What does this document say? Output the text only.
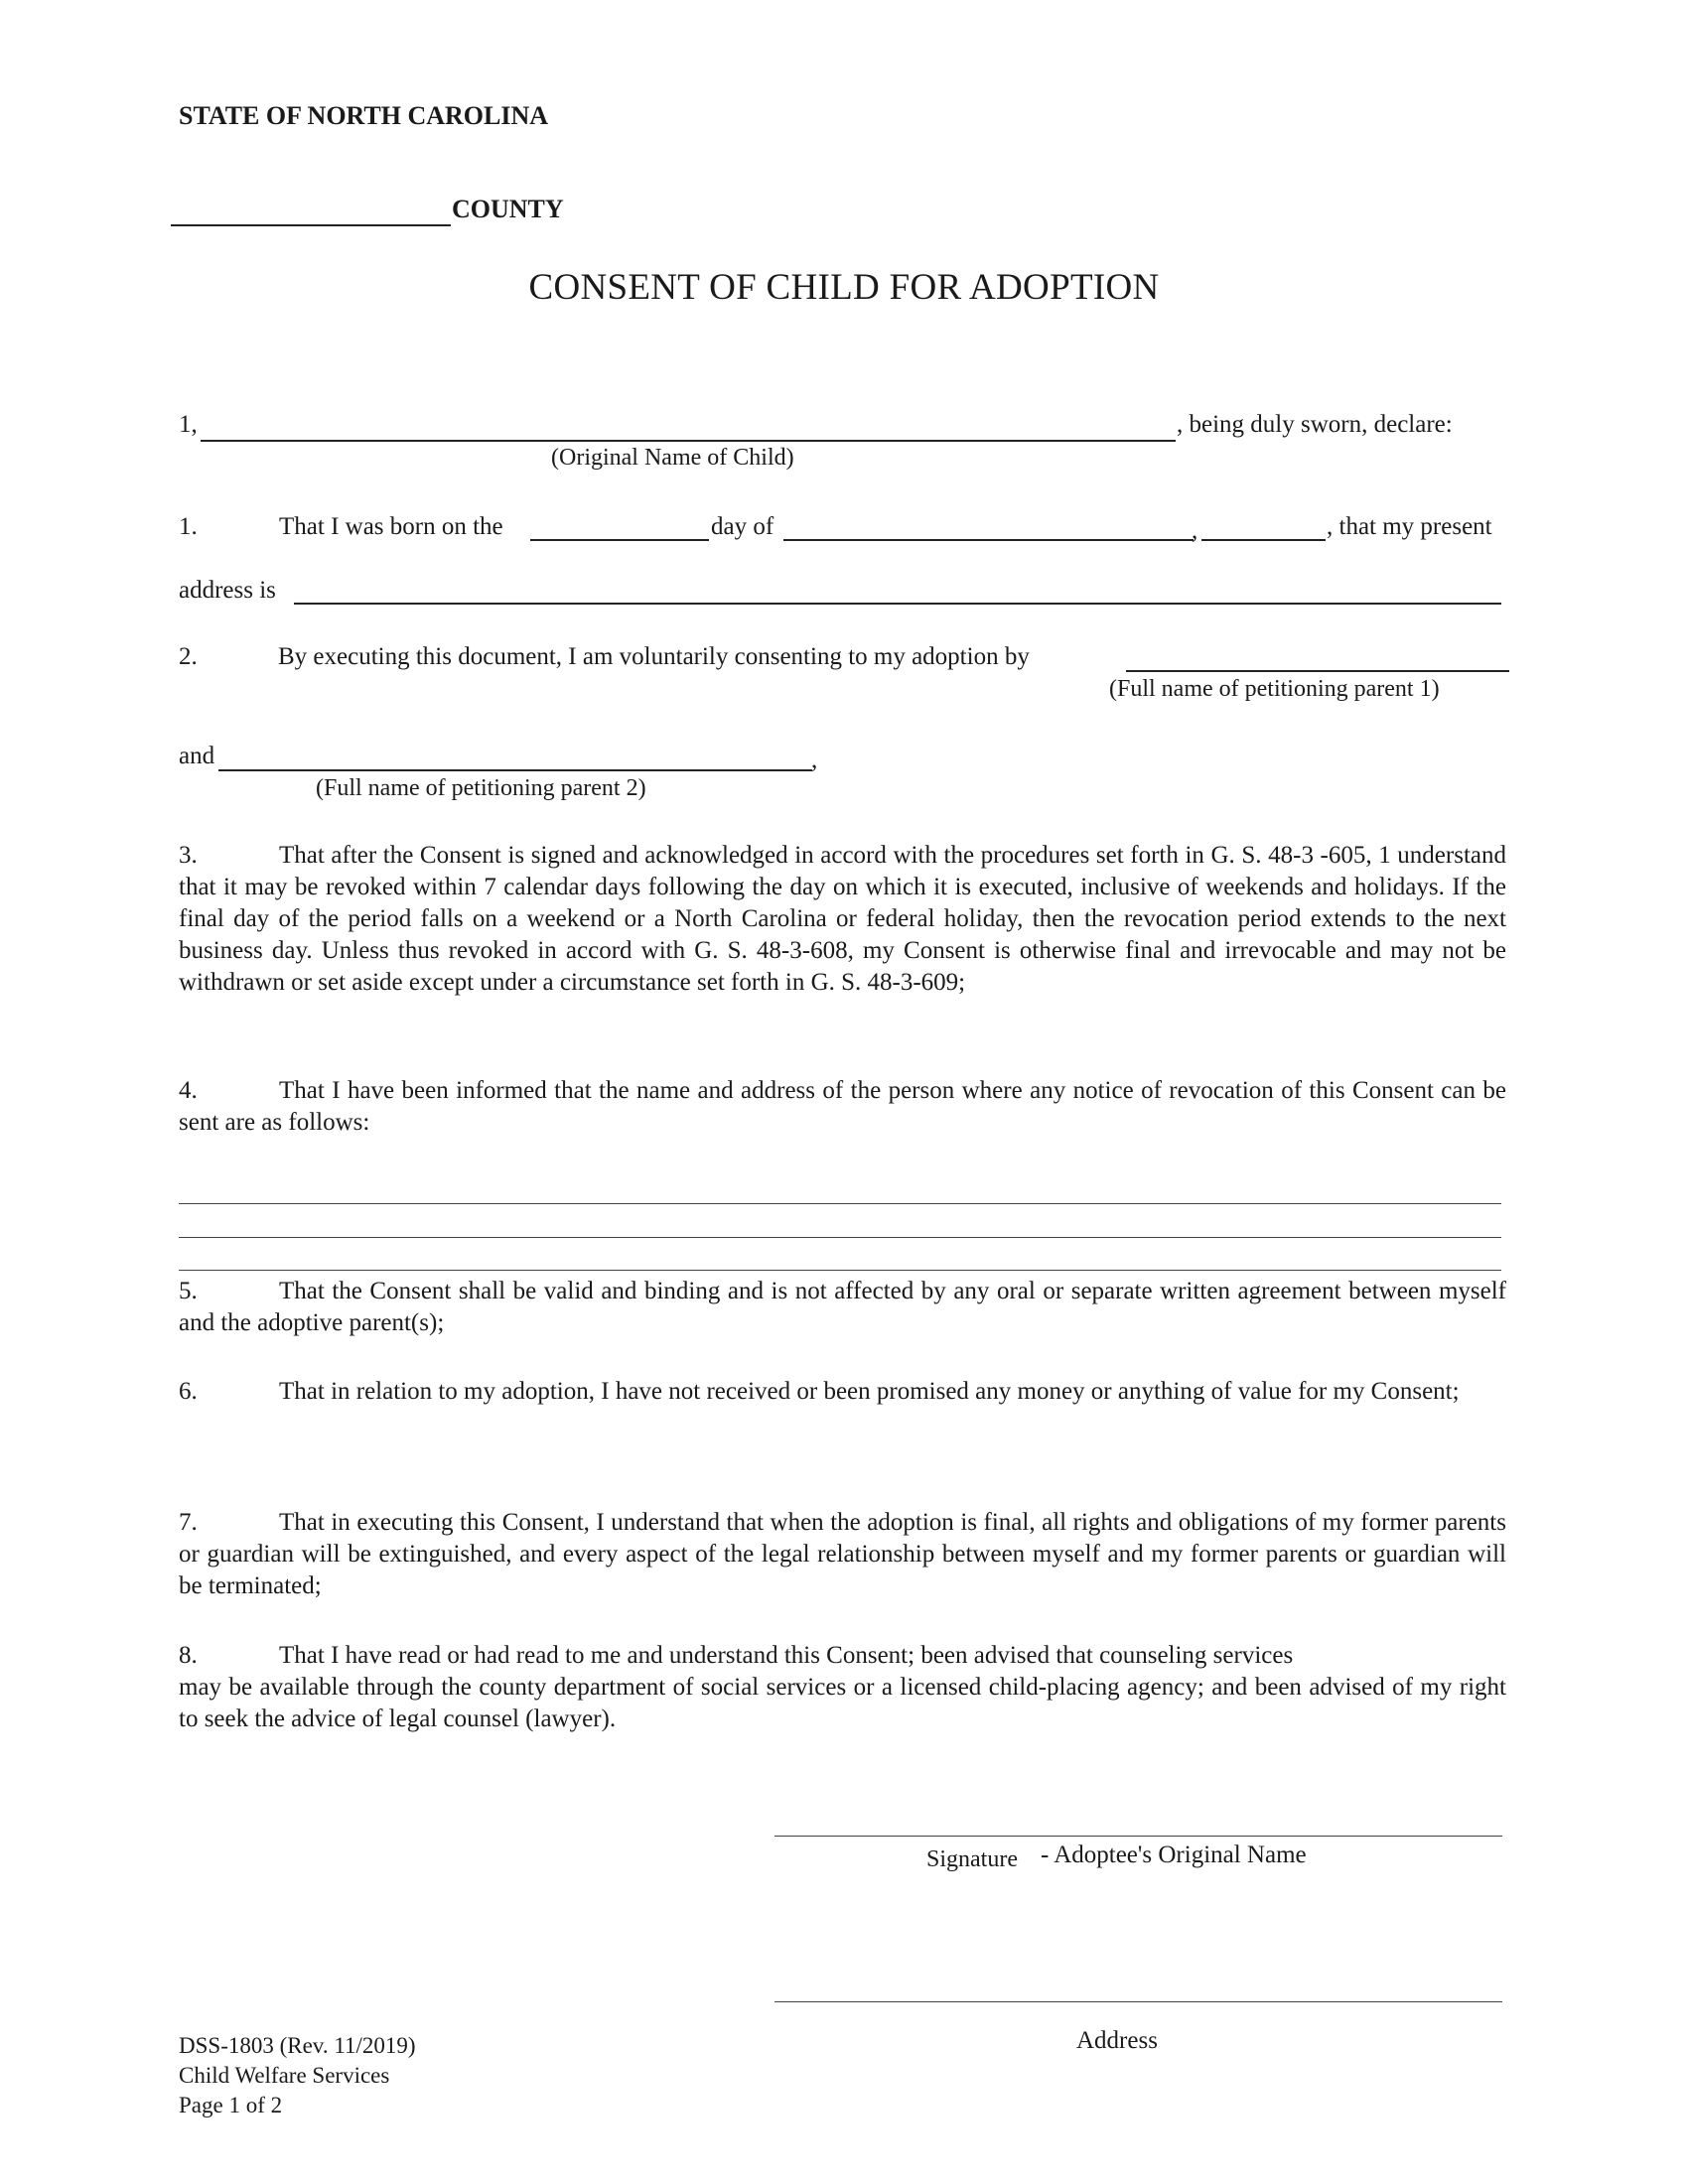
STATE OF NORTH CAROLINA
COUNTY
CONSENT OF CHILD FOR ADOPTION
1,	, being duly sworn, declare:
(Original Name of Child)
1.	That I was born on the	day of	,	, that my present
address is
2.	By executing this document, I am voluntarily consenting to my adoption by
(Full name of petitioning parent 1)
and	,
(Full name of petitioning parent 2)
3.	That after the Consent is signed and acknowledged in accord with the procedures set forth in G. S. 48-3 -605, 1 understand that it may be revoked within 7 calendar days following the day on which it is executed, inclusive of weekends and holidays. If the final day of the period falls on a weekend or a North Carolina or federal holiday, then the revocation period extends to the next business day. Unless thus revoked in accord with G. S. 48-3-608, my Consent is otherwise final and irrevocable and may not be withdrawn or set aside except under a circumstance set forth in G. S. 48-3-609;
4.	That I have been informed that the name and address of the person where any notice of revocation of this Consent can be sent are as follows:
5.	That the Consent shall be valid and binding and is not affected by any oral or separate written agreement between myself and the adoptive parent(s);
6.	That in relation to my adoption, I have not received or been promised any money or anything of value for my Consent;
7.	That in executing this Consent, I understand that when the adoption is final, all rights and obligations of my former parents or guardian will be extinguished, and every aspect of the legal relationship between myself and my former parents or guardian will be terminated;
8.	That I have read or had read to me and understand this Consent; been advised that counseling services
may be available through the county department of social services or a licensed child-placing agency; and been advised of my right to seek the advice of legal counsel (lawyer).
Signature - Adoptee's Original Name
Address
DSS-1803 (Rev. 11/2019)
Child Welfare Services
Page 1 of 2
